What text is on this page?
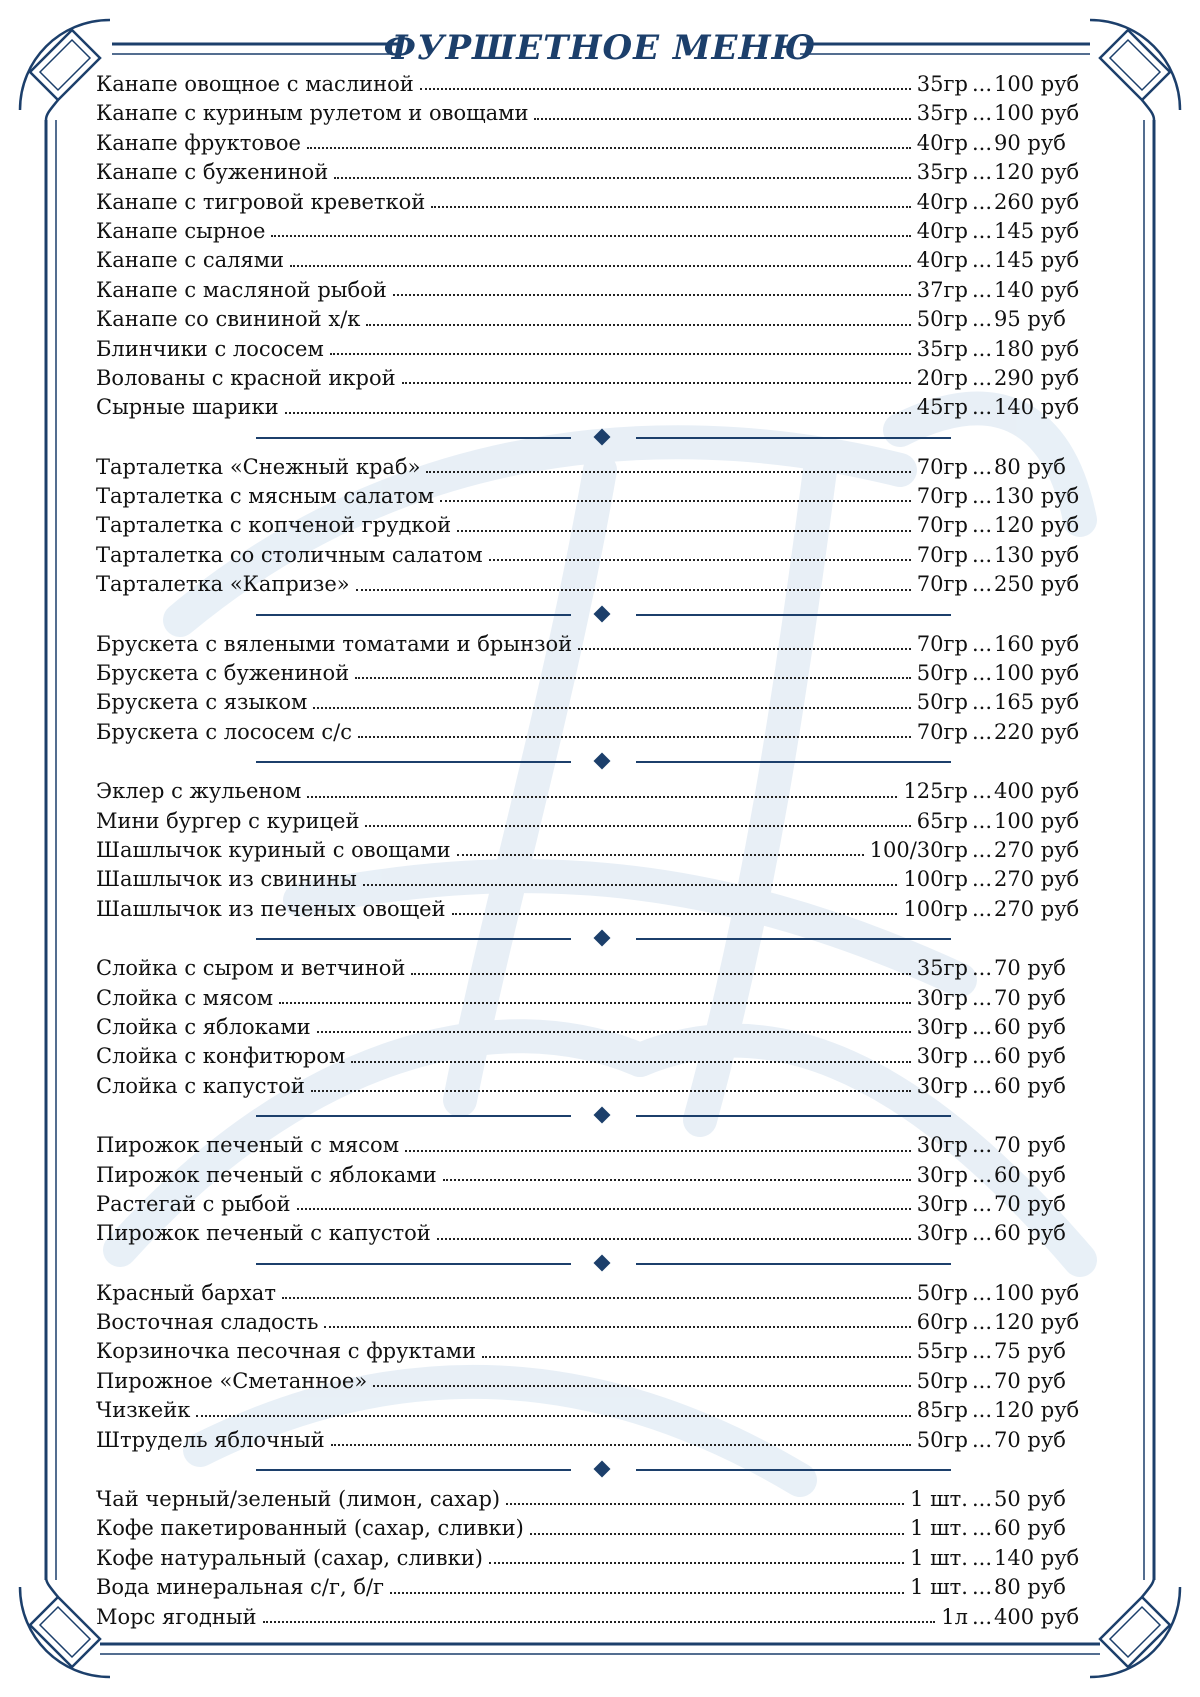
ФУРШЕТНОЕ МЕНЮ
Канапе овощное с маслиной	35гр ... 100 руб
Канапе с куриным рулетом и овощами	35гр ... 100 руб
Канапе фруктовое	40гр ... 90 руб
Канапе с бужениной	35гр ... 120 руб
Канапе с тигровой креветкой	40гр ... 260 руб
Канапе сырное	40гр ... 145 руб
Канапе с салями	40гр ... 145 руб
Канапе с масляной рыбой	37гр ... 140 руб
Канапе со свининой х/к	50гр ... 95 руб
Блинчики с лососем	35гр ... 180 руб
Волованы с красной икрой	20гр ... 290 руб
Сырные шарики	45гр ... 140 руб
Тарталетка «Снежный краб»	70гр ... 80 руб
Тарталетка с мясным салатом	70гр ... 130 руб
Тарталетка с копченой грудкой	70гр ... 120 руб
Тарталетка со столичным салатом	70гр ... 130 руб
Тарталетка «Капризе»	70гр ... 250 руб
Брускета с вялеными томатами и брынзой	70гр ... 160 руб
Брускета с бужениной	50гр ... 100 руб
Брускета с языком	50гр ... 165 руб
Брускета с лососем с/с	70гр ... 220 руб
Эклер с жульеном	125гр ... 400 руб
Мини бургер с курицей	65гр ... 100 руб
Шашлычок куриный с овощами	100/30гр ... 270 руб
Шашлычок из свинины	100гр ... 270 руб
Шашлычок из печеных овощей	100гр ... 270 руб
Слойка с сыром и ветчиной	35гр ... 70 руб
Слойка с мясом	30гр ... 70 руб
Слойка с яблоками	30гр ... 60 руб
Слойка с конфитюром	30гр ... 60 руб
Слойка с капустой	30гр ... 60 руб
Пирожок печеный с мясом	30гр ... 70 руб
Пирожок печеный с яблоками	30гр ... 60 руб
Растегай с рыбой	30гр ... 70 руб
Пирожок печеный с капустой	30гр ... 60 руб
Красный бархат	50гр ... 100 руб
Восточная сладость	60гр ... 120 руб
Корзиночка песочная с фруктами	55гр ... 75 руб
Пирожное «Сметанное»	50гр ... 70 руб
Чизкейк	85гр ... 120 руб
Штрудель яблочный	50гр ... 70 руб
Чай черный/зеленый (лимон, сахар)	1 шт. ... 50 руб
Кофе пакетированный (сахар, сливки)	1 шт. ... 60 руб
Кофе натуральный (сахар, сливки)	1 шт. ... 140 руб
Вода минеральная с/г, б/г	1 шт. ... 80 руб
Морс ягодный	1л ... 400 руб
